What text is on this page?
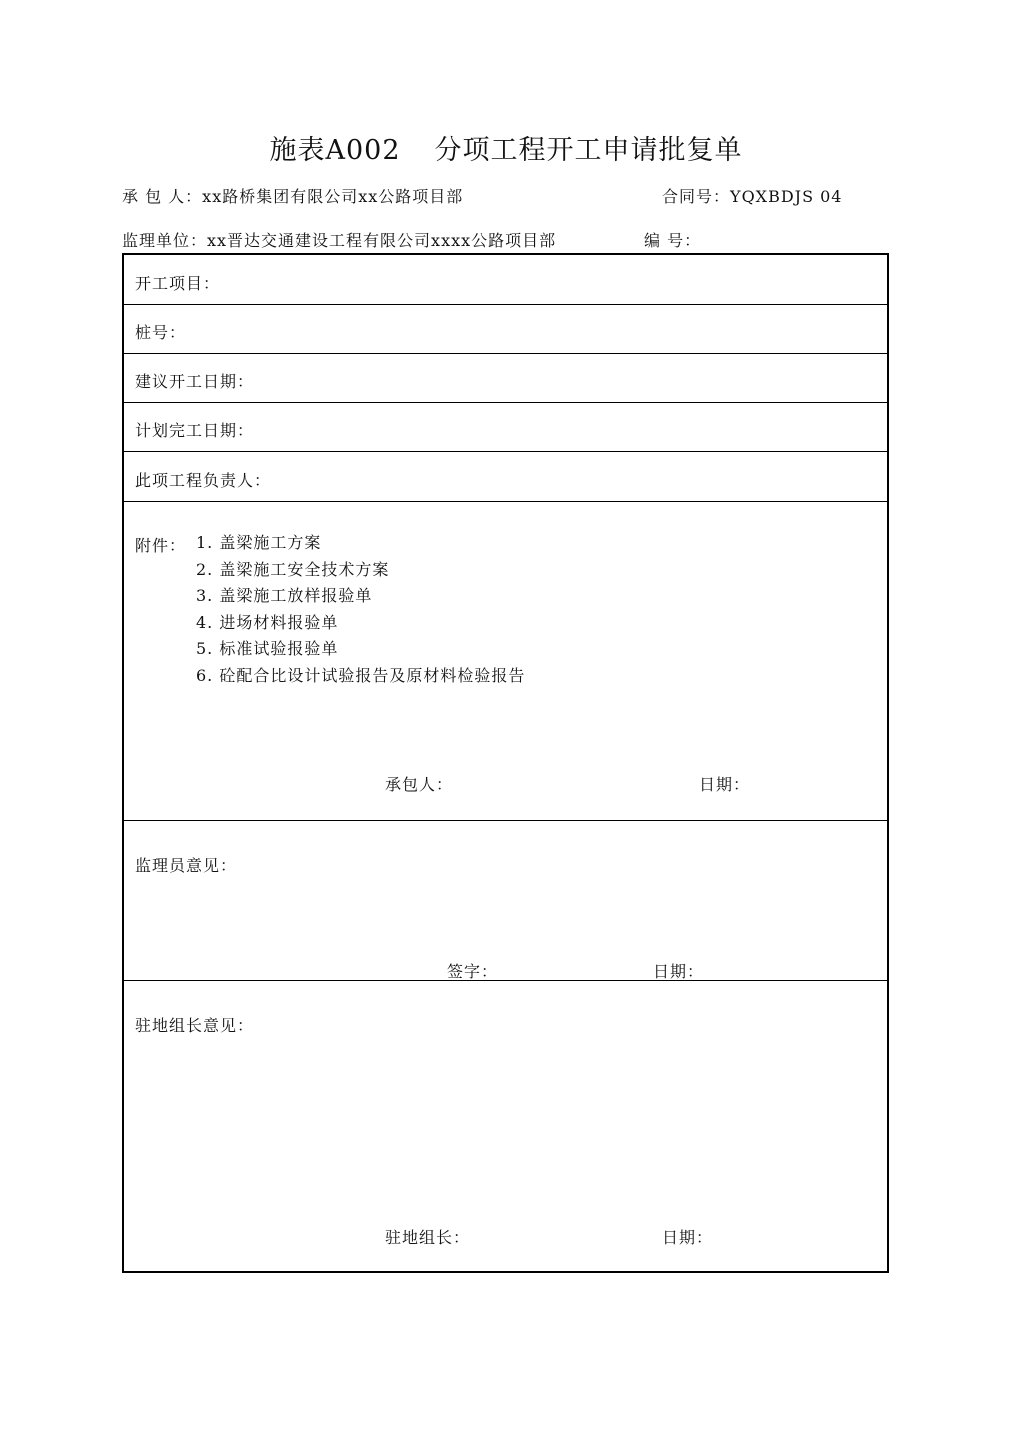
施表A002 分项工程开工申请批复单
承 包 人：xx路桥集团有限公司xx公路项目部	合同号：YQXBDJS 04
监理单位：xx晋达交通建设工程有限公司xxxx公路项目部	编 号：
开工项目：
桩号：
建议开工日期：
计划完工日期：
此项工程负责人：
附件： 1. 盖梁施工方案
2. 盖梁施工安全技术方案
3. 盖梁施工放样报验单
4. 进场材料报验单
5. 标准试验报验单
6. 砼配合比设计试验报告及原材料检验报告
承包人：	日期：
监理员意见：
签字：	日期：
驻地组长意见：
驻地组长：	日期：
